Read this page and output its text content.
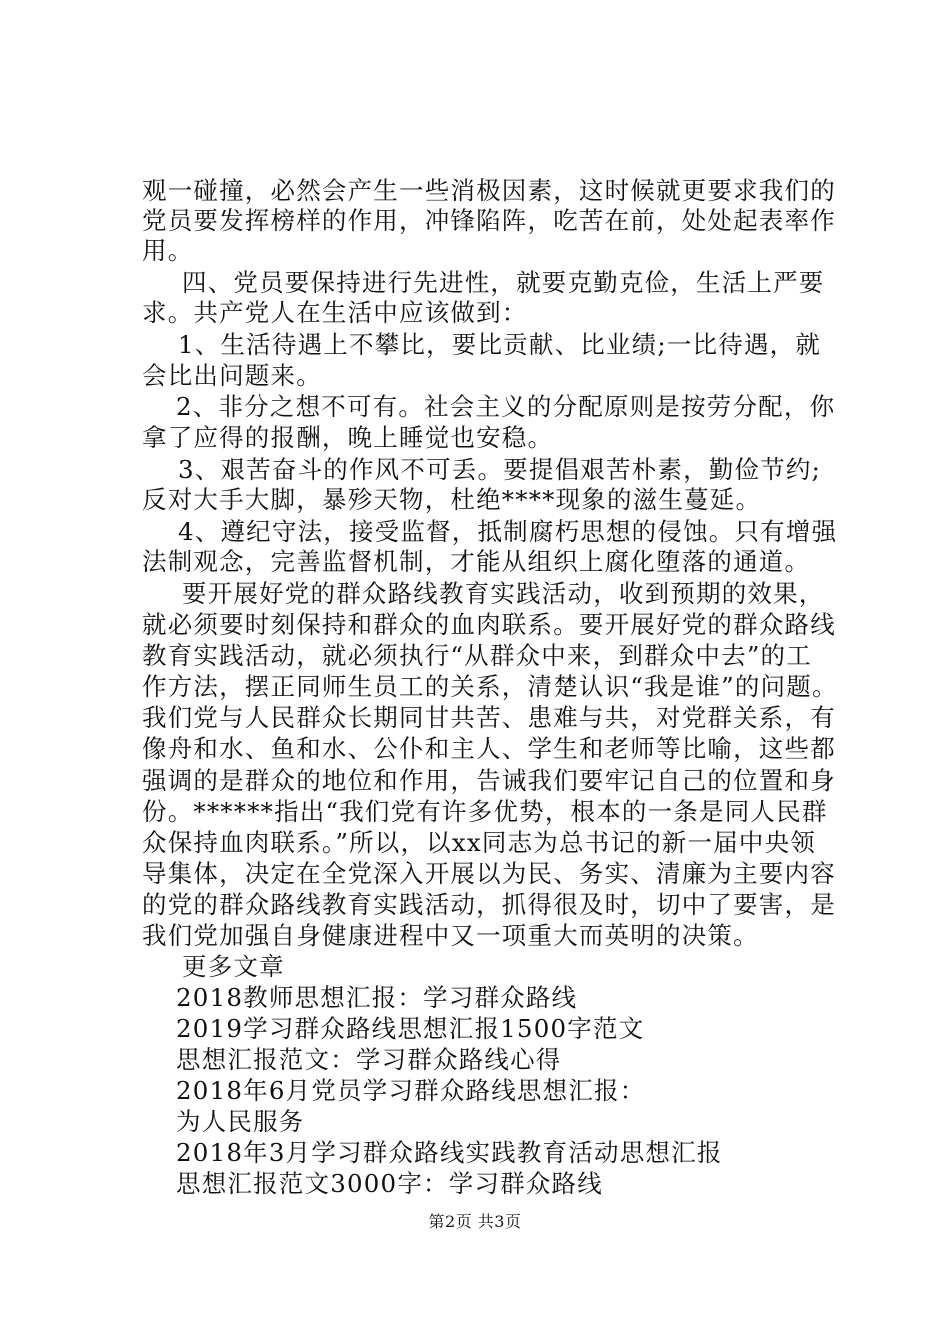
观一碰撞，必然会产生一些消极因素，这时候就更要求我们的
党员要发挥榜样的作用，冲锋陷阵，吃苦在前，处处起表率作
用。
四、党员要保持进行先进性，就要克勤克俭，生活上严要
求。共产党人在生活中应该做到：
1、生活待遇上不攀比，要比贡献、比业绩;一比待遇，就
会比出问题来。
2、非分之想不可有。社会主义的分配原则是按劳分配，你
拿了应得的报酬，晚上睡觉也安稳。
3、艰苦奋斗的作风不可丢。要提倡艰苦朴素，勤俭节约;
反对大手大脚，暴殄天物，杜绝****现象的滋生蔓延。
4、遵纪守法，接受监督，抵制腐朽思想的侵蚀。只有增强
法制观念，完善监督机制，才能从组织上腐化堕落的通道。
要开展好党的群众路线教育实践活动，收到预期的效果，
就必须要时刻保持和群众的血肉联系。要开展好党的群众路线
教育实践活动，就必须执行“从群众中来，到群众中去”的工
作方法，摆正同师生员工的关系，清楚认识“我是谁”的问题。
我们党与人民群众长期同甘共苦、患难与共，对党群关系，有
像舟和水、鱼和水、公仆和主人、学生和老师等比喻，这些都
强调的是群众的地位和作用，告诫我们要牢记自己的位置和身
份。******指出“我们党有许多优势，根本的一条是同人民群
众保持血肉联系。”所以，以xx同志为总书记的新一届中央领
导集体，决定在全党深入开展以为民、务实、清廉为主要内容
的党的群众路线教育实践活动，抓得很及时，切中了要害，是
我们党加强自身健康进程中又一项重大而英明的决策。
更多文章
2018教师思想汇报：学习群众路线
2019学习群众路线思想汇报1500字范文
思想汇报范文：学习群众路线心得
2018年6月党员学习群众路线思想汇报：
为人民服务
2018年3月学习群众路线实践教育活动思想汇报
思想汇报范文3000字：学习群众路线
第2页 共3页
